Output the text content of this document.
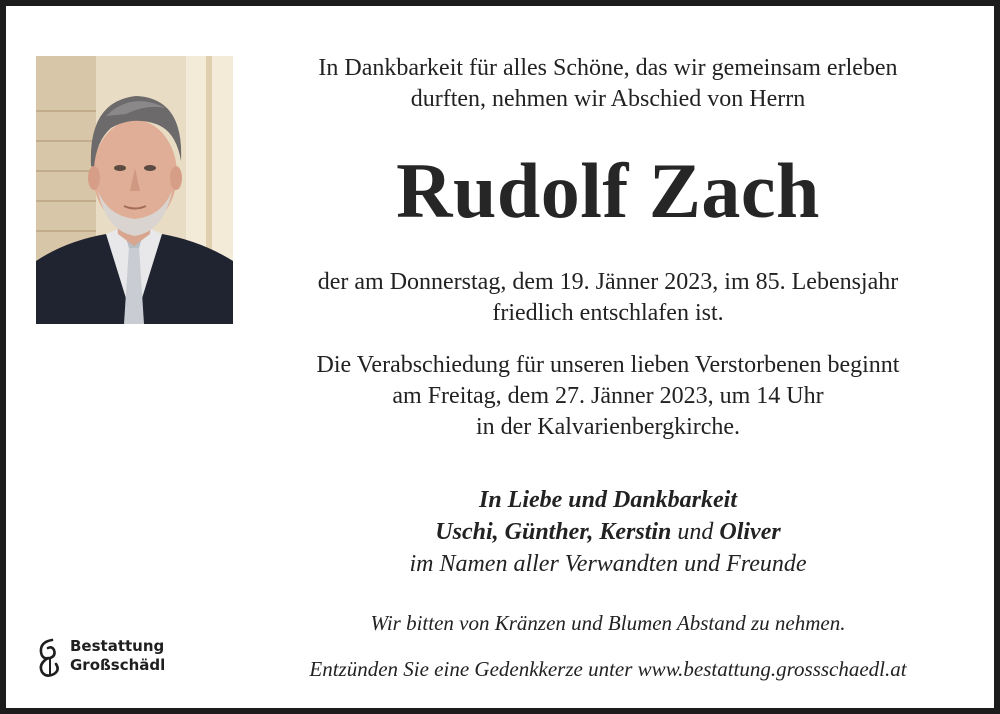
In Dankbarkeit für alles Schöne, das wir gemeinsam erleben
durften, nehmen wir Abschied von Herrn
Rudolf Zach
der am Donnerstag, dem 19. Jänner 2023, im 85. Lebensjahr
friedlich entschlafen ist.
Die Verabschiedung für unseren lieben Verstorbenen beginnt
am Freitag, dem 27. Jänner 2023, um 14 Uhr
in der Kalvarienbergkirche.
In Liebe und Dankbarkeit
Uschi, Günther, Kerstin und Oliver
im Namen aller Verwandten und Freunde
Wir bitten von Kränzen und Blumen Abstand zu nehmen.
Entzünden Sie eine Gedenkkerze unter www.bestattung.grossschaedl.at
Bestattung
Großschädl
